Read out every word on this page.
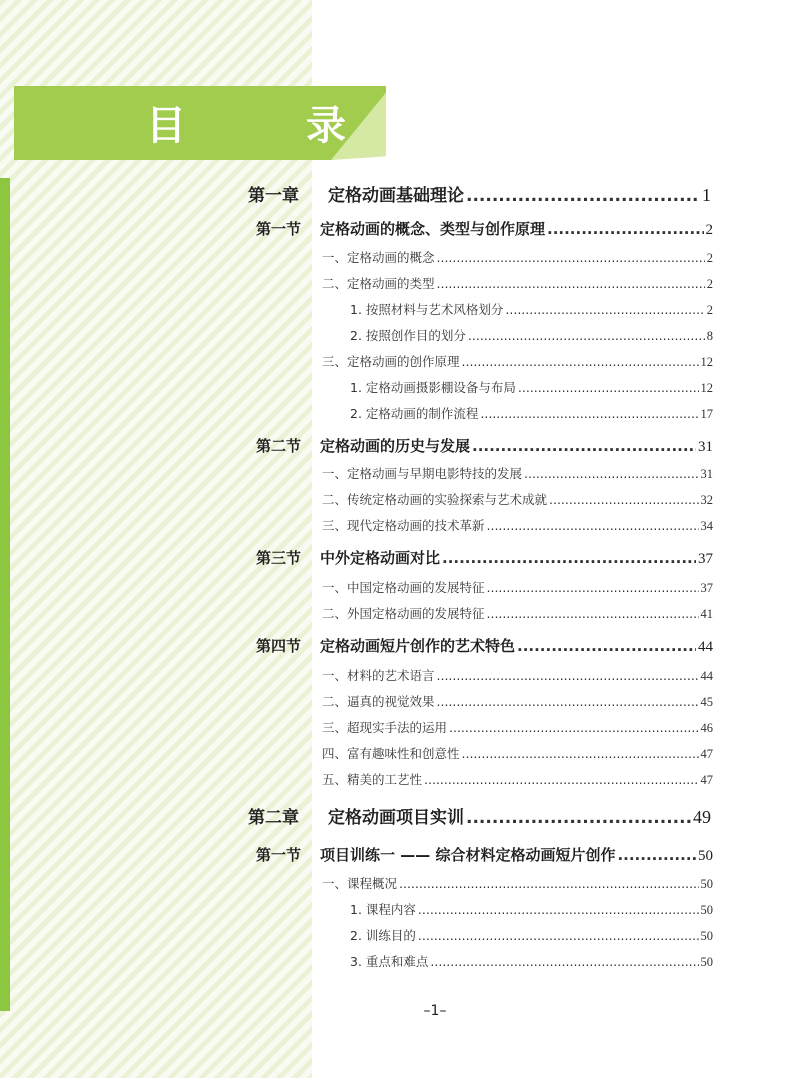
目　录
第一章	定格动画基础理论 .....	1
第一节	定格动画的概念、类型与创作原理 .....	2
一、定格动画的概念 .....	2
二、定格动画的类型 .....	2
1. 按照材料与艺术风格划分 .....	2
2. 按照创作目的划分 .....	8
三、定格动画的创作原理 .....	12
1. 定格动画摄影棚设备与布局 .....	12
2. 定格动画的制作流程 .....	17
第二节	定格动画的历史与发展 .....	31
一、定格动画与早期电影特技的发展 .....	31
二、传统定格动画的实验探索与艺术成就 .....	32
三、现代定格动画的技术革新 .....	34
第三节	中外定格动画对比 .....	37
一、中国定格动画的发展特征 .....	37
二、外国定格动画的发展特征 .....	41
第四节	定格动画短片创作的艺术特色 .....	44
一、材料的艺术语言 .....	44
二、逼真的视觉效果 .....	45
三、超现实手法的运用 .....	46
四、富有趣味性和创意性 .....	47
五、精美的工艺性 .....	47
第二章	定格动画项目实训 .....	49
第一节	项目训练一 —— 综合材料定格动画短片创作 .....	50
一、课程概况 .....	50
1. 课程内容 .....	50
2. 训练目的 .....	50
3. 重点和难点 .....	50
–1–
